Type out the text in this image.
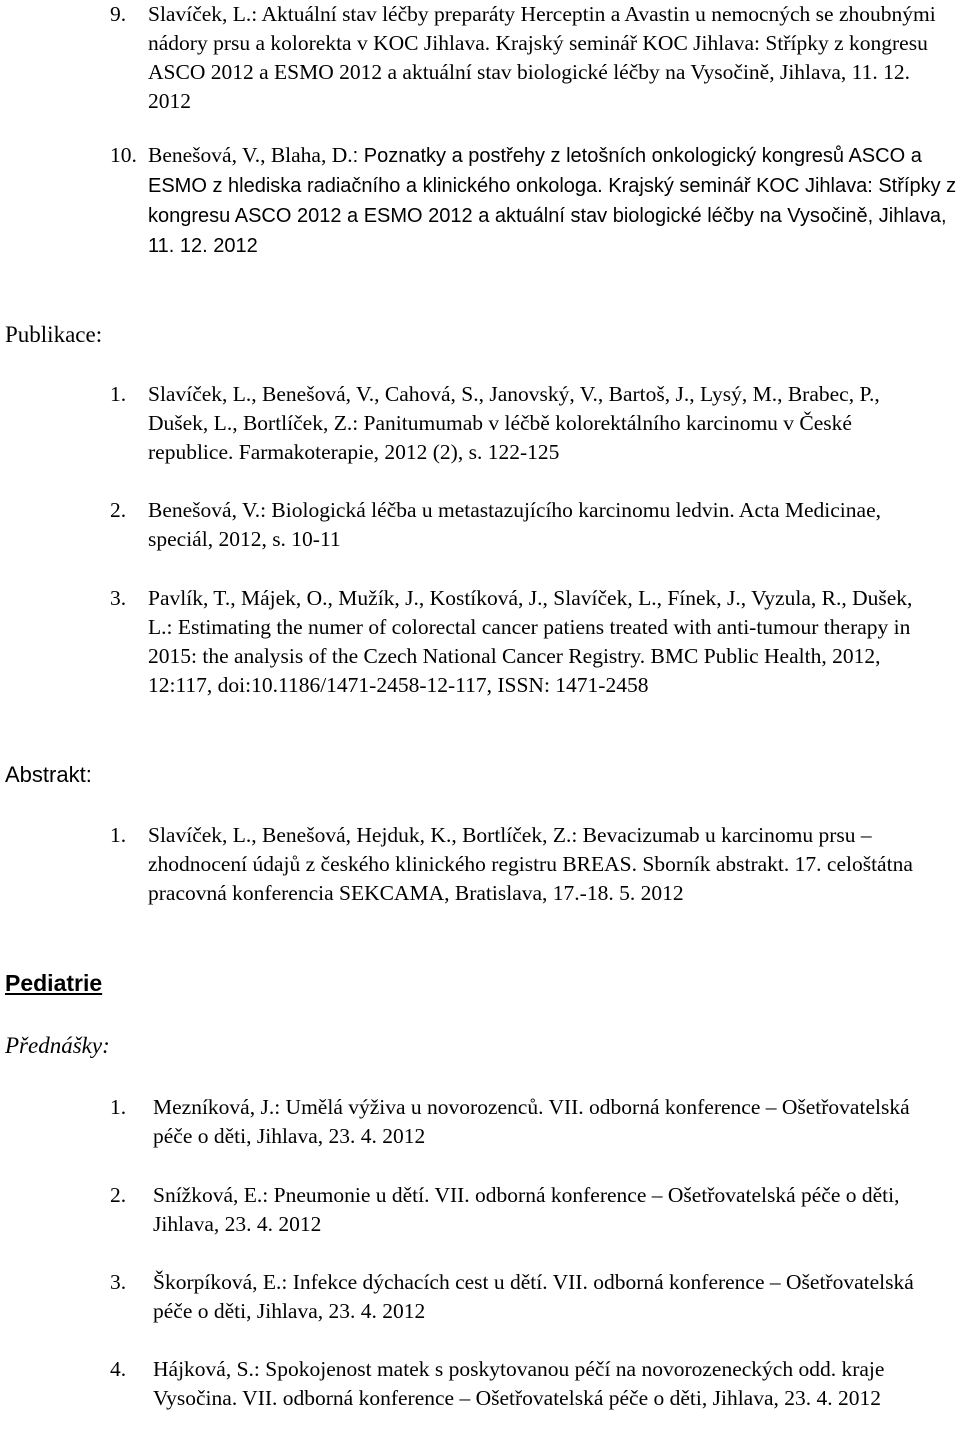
9.	Slavíček, L.: Aktuální stav léčby preparáty Herceptin a Avastin u nemocných se zhoubnými nádory prsu a kolorekta v KOC Jihlava. Krajský seminář KOC Jihlava: Střípky z kongresu ASCO 2012 a ESMO 2012 a aktuální stav biologické léčby na Vysočině, Jihlava, 11. 12. 2012
10. Benešová, V., Blaha, D.: Poznatky a postřehy z letošních onkologický kongresů ASCO a ESMO z hlediska radiačního a klinického onkologa. Krajský seminář KOC Jihlava: Střípky z kongresu ASCO 2012 a ESMO 2012 a aktuální stav biologické léčby na Vysočině, Jihlava, 11. 12. 2012
Publikace:
1.	Slavíček, L., Benešová, V., Cahová, S., Janovský, V., Bartoš, J., Lysý, M., Brabec, P., Dušek, L., Bortlíček, Z.: Panitumumab v léčbě kolorektálního karcinomu v České republice. Farmakoterapie, 2012 (2), s. 122-125
2.	Benešová, V.: Biologická léčba u metastazujícího karcinomu ledvin. Acta Medicinae, speciál, 2012, s. 10-11
3.	Pavlík, T., Májek, O., Mužík, J., Kostíková, J., Slavíček, L., Fínek, J., Vyzula, R., Dušek, L.: Estimating the numer of colorectal cancer patiens treated with anti-tumour therapy in 2015: the analysis of the Czech National Cancer Registry. BMC Public Health, 2012, 12:117, doi:10.1186/1471-2458-12-117, ISSN: 1471-2458
Abstrakt:
1.	Slavíček, L., Benešová, Hejduk, K., Bortlíček, Z.: Bevacizumab u karcinomu prsu – zhodnocení údajů z českého klinického registru BREAS. Sborník abstrakt. 17. celoštátna pracovná konferencia SEKCAMA, Bratislava, 17.-18. 5. 2012
Pediatrie
Přednášky:
1.	Mezníková, J.: Umělá výživa u novorozenců. VII. odborná konference – Ošetřovatelská péče o děti, Jihlava, 23. 4. 2012
2.	Snížková, E.: Pneumonie u dětí. VII. odborná konference – Ošetřovatelská péče o děti, Jihlava, 23. 4. 2012
3.	Škorpíková, E.: Infekce dýchacích cest u dětí. VII. odborná konference – Ošetřovatelská péče o děti, Jihlava, 23. 4. 2012
4.	Hájková, S.: Spokojenost matek s poskytovanou péčí na novorozeneckých odd. kraje Vysočina. VII. odborná konference – Ošetřovatelská péče o děti, Jihlava, 23. 4. 2012
